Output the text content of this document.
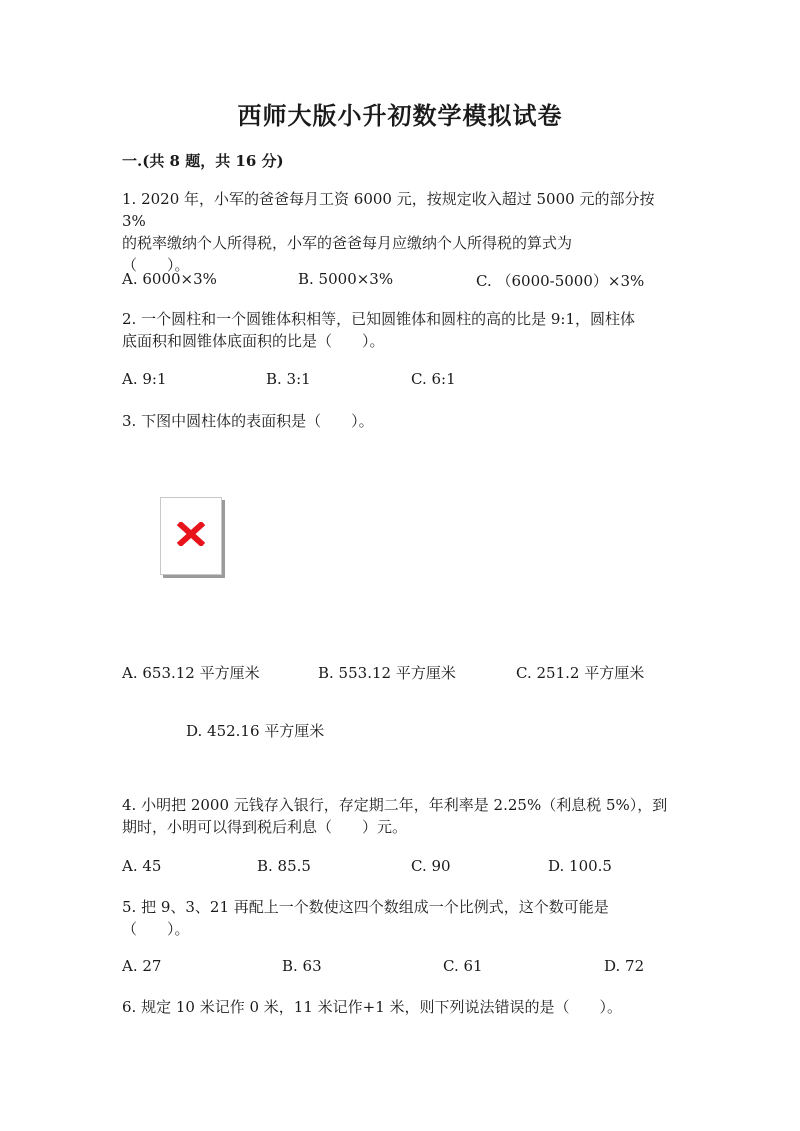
西师大版小升初数学模拟试卷
一.(共 8 题，共 16 分)
1. 2020 年，小军的爸爸每月工资 6000 元，按规定收入超过 5000 元的部分按 3%
的税率缴纳个人所得税，小军的爸爸每月应缴纳个人所得税的算式为
（　　）。
A. 6000×3%	B. 5000×3%	C. （6000-5000）×3%
2. 一个圆柱和一个圆锥体积相等，已知圆锥体和圆柱的高的比是 9:1，圆柱体
底面积和圆锥体底面积的比是（　　）。
A. 9:1	B. 3:1	C. 6:1
3. 下图中圆柱体的表面积是（　　）。
A. 653.12 平方厘米	B. 553.12 平方厘米	C. 251.2 平方厘米
D. 452.16 平方厘米
4. 小明把 2000 元钱存入银行，存定期二年，年利率是 2.25%（利息税 5%），到
期时，小明可以得到税后利息（　　）元。
A. 45	B. 85.5	C. 90	D. 100.5
5. 把 9、3、21 再配上一个数使这四个数组成一个比例式，这个数可能是
（　　）。
A. 27	B. 63	C. 61	D. 72
6. 规定 10 米记作 0 米，11 米记作+1 米，则下列说法错误的是（　　）。
